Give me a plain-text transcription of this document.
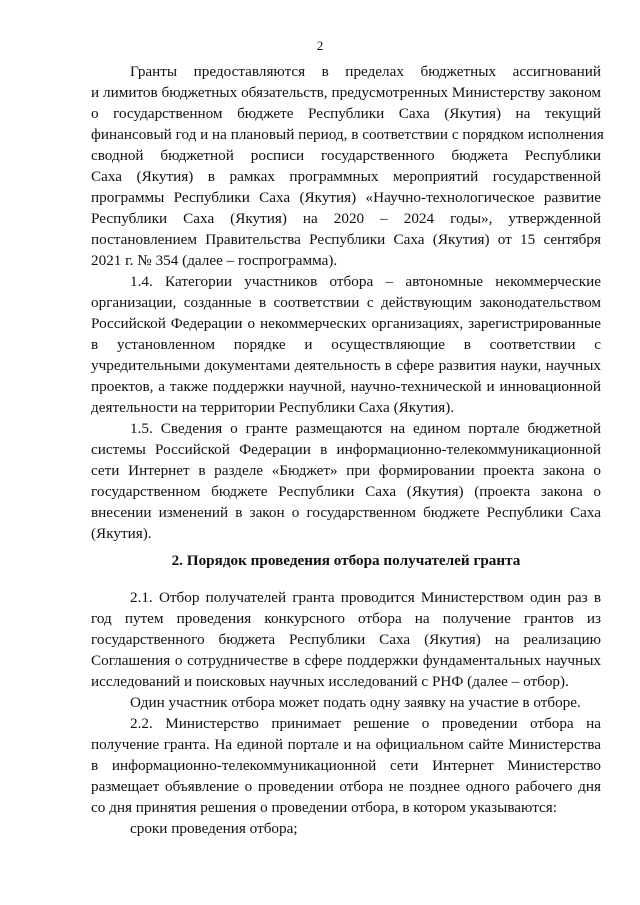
2
Гранты предоставляются в пределах бюджетных ассигнований
и лимитов бюджетных обязательств, предусмотренных Министерству законом
о государственном бюджете Республики Саха (Якутия) на текущий
финансовый год и на плановый период, в соответствии с порядком исполнения
сводной бюджетной росписи государственного бюджета Республики
Саха (Якутия) в рамках программных мероприятий государственной
программы Республики Саха (Якутия) «Научно-технологическое развитие
Республики Саха (Якутия) на 2020 – 2024 годы», утвержденной
постановлением Правительства Республики Саха (Якутия) от 15 сентября
2021 г. № 354 (далее – госпрограмма).
1.4. Категории участников отбора – автономные некоммерческие
организации, созданные в соответствии с действующим законодательством
Российской Федерации о некоммерческих организациях, зарегистрированные
в установленном порядке и осуществляющие в соответствии с
учредительными документами деятельность в сфере развития науки, научных
проектов, а также поддержки научной, научно-технической и инновационной
деятельности на территории Республики Саха (Якутия).
1.5. Сведения о гранте размещаются на едином портале бюджетной
системы Российской Федерации в информационно-телекоммуникационной
сети Интернет в разделе «Бюджет» при формировании проекта закона о
государственном бюджете Республики Саха (Якутия) (проекта закона о
внесении изменений в закон о государственном бюджете Республики Саха
(Якутия).
2. Порядок проведения отбора получателей гранта
2.1. Отбор получателей гранта проводится Министерством один раз в
год путем проведения конкурсного отбора на получение грантов из
государственного бюджета Республики Саха (Якутия) на реализацию
Соглашения о сотрудничестве в сфере поддержки фундаментальных научных
исследований и поисковых научных исследований с РНФ (далее – отбор).
Один участник отбора может подать одну заявку на участие в отборе.
2.2. Министерство принимает решение о проведении отбора на
получение гранта. На единой портале и на официальном сайте Министерства
в информационно-телекоммуникационной сети Интернет Министерство
размещает объявление о проведении отбора не позднее одного рабочего дня
со дня принятия решения о проведении отбора, в котором указываются:
сроки проведения отбора;
